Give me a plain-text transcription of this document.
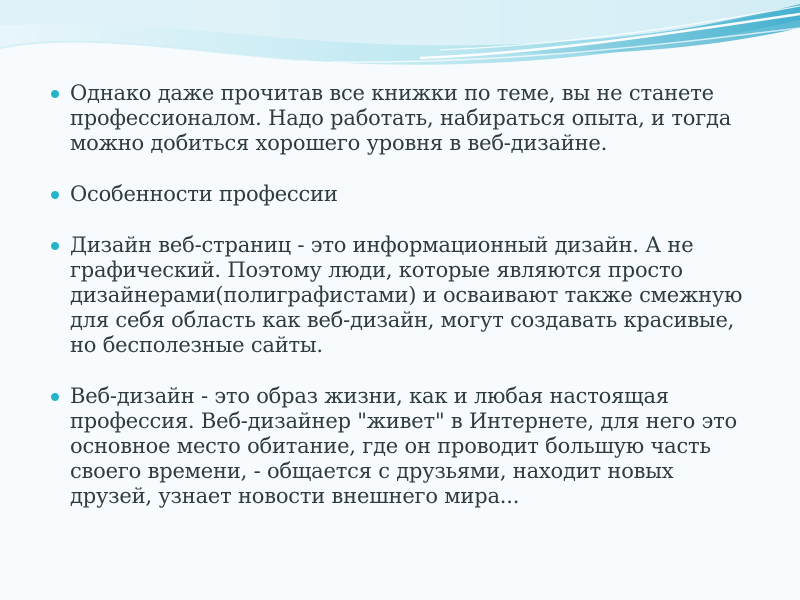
Однако даже прочитав все книжки по теме, вы не станете профессионалом. Надо работать, набираться опыта, и тогда можно добиться хорошего уровня в веб-дизайне.

Особенности профессии

Дизайн веб-страниц - это информационный дизайн. А не графический. Поэтому люди, которые являются просто дизайнерами(полиграфистами) и осваивают также смежную для себя область как веб-дизайн, могут создавать красивые, но бесполезные сайты.

Веб-дизайн - это образ жизни, как и любая настоящая профессия. Веб-дизайнер "живет" в Интернете, для него это основное место обитание, где он проводит большую часть своего времени, - общается с друзьями, находит новых друзей, узнает новости внешнего мира...
